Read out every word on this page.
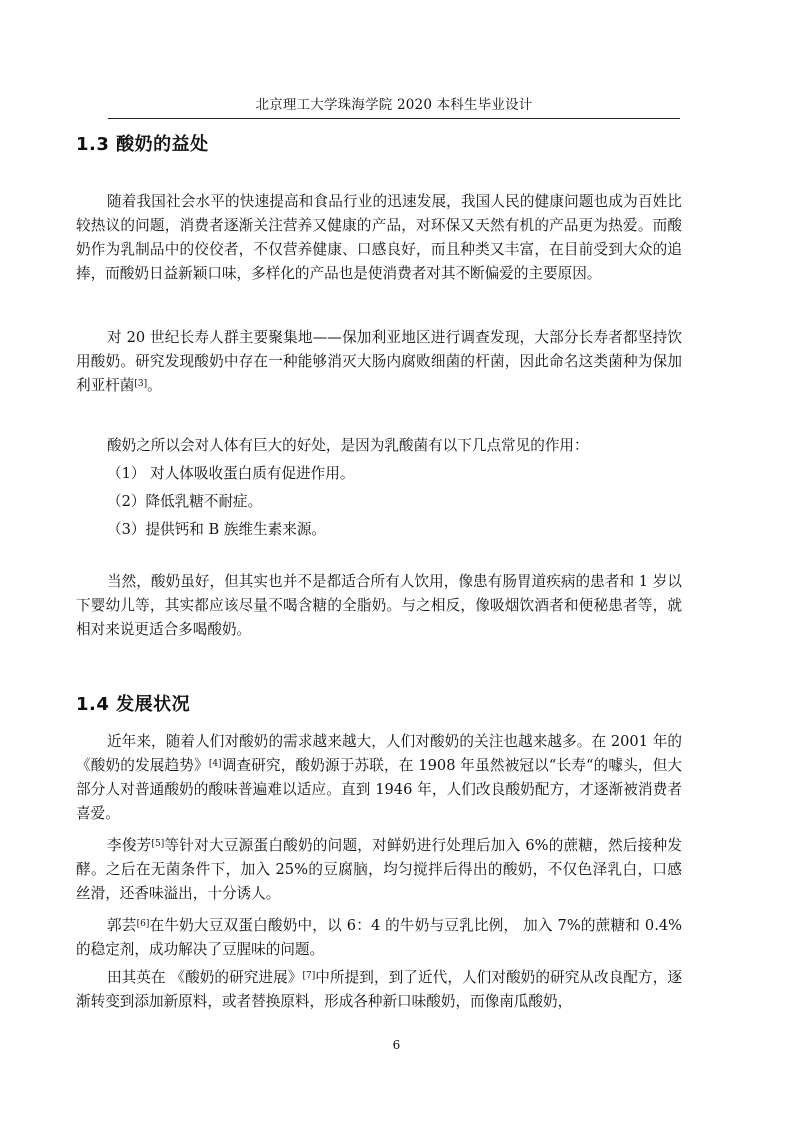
北京理工大学珠海学院 2020 本科生毕业设计
1.3 酸奶的益处

随着我国社会水平的快速提高和食品行业的迅速发展，我国人民的健康问题也成为百姓比较热议的问题，消费者逐渐关注营养又健康的产品，对环保又天然有机的产品更为热爱。而酸奶作为乳制品中的佼佼者，不仅营养健康、口感良好，而且种类又丰富，在目前受到大众的追捧，而酸奶日益新颖口味，多样化的产品也是使消费者对其不断偏爱的主要原因。

对 20 世纪长寿人群主要聚集地——保加利亚地区进行调查发现，大部分长寿者都坚持饮用酸奶。研究发现酸奶中存在一种能够消灭大肠内腐败细菌的杆菌，因此命名这类菌种为保加利亚杆菌[3]。

酸奶之所以会对人体有巨大的好处，是因为乳酸菌有以下几点常见的作用：

（1） 对人体吸收蛋白质有促进作用。
（2）降低乳糖不耐症。
（3）提供钙和 B 族维生素来源。

当然，酸奶虽好，但其实也并不是都适合所有人饮用，像患有肠胃道疾病的患者和 1 岁以下婴幼儿等，其实都应该尽量不喝含糖的全脂奶。与之相反，像吸烟饮酒者和便秘患者等，就相对来说更适合多喝酸奶。

1.4 发展状况

近年来，随着人们对酸奶的需求越来越大，人们对酸奶的关注也越来越多。在 2001 年的《酸奶的发展趋势》[4]调查研究，酸奶源于苏联，在 1908 年虽然被冠以“长寿“的噱头，但大部分人对普通酸奶的酸味普遍难以适应。直到 1946 年，人们改良酸奶配方，才逐渐被消费者喜爱。

李俊芳[5]等针对大豆源蛋白酸奶的问题，对鲜奶进行处理后加入 6%的蔗糖，然后接种发酵。之后在无菌条件下，加入 25%的豆腐脑，均匀搅拌后得出的酸奶，不仅色泽乳白，口感丝滑，还香味溢出，十分诱人。

郭芸[6]在牛奶大豆双蛋白酸奶中，以 6：4 的牛奶与豆乳比例， 加入 7%的蔗糖和 0.4%的稳定剂，成功解决了豆腥味的问题。

田其英在 《酸奶的研究进展》[7]中所提到，到了近代，人们对酸奶的研究从改良配方，逐渐转变到添加新原料，或者替换原料，形成各种新口味酸奶，而像南瓜酸奶，

6
